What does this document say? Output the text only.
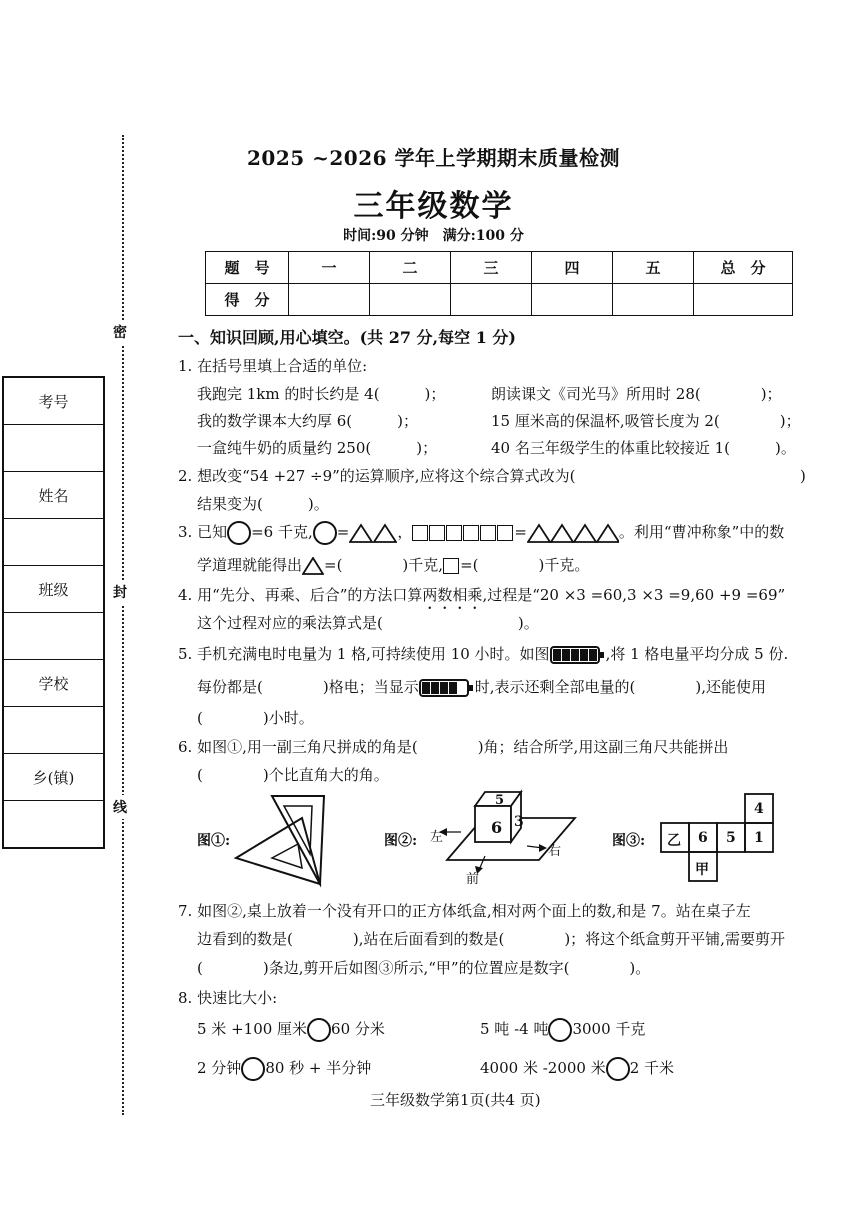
密
封
线
考号
姓名
班级
学校
乡(镇)
2025 ~2026 学年上学期期末质量检测
三年级数学
时间:90 分钟　满分:100 分
题　号	一	二	三	四	五	总　分
得　分						
一、知识回顾,用心填空。(共 27 分,每空 1 分)
1. 在括号里填上合适的单位:
我跑完 1km 的时长约是 4(　　　)；	朗读课文《司光马》所用时 28(　　　　)；
我的数学课本大约厚 6(　　　)；	15 厘米高的保温杯,吸管长度为 2(　　　　)；
一盒纯牛奶的质量约 250(　　　)；	40 名三年级学生的体重比较接近 1(　　　)。
2. 想改变“54 +27 ÷9”的运算顺序,应将这个综合算式改为(	)
结果变为(　　　)。
3. 已知 =6 千克, =	，	=	。利用“曹冲称象”中的数
学道理就能得出 =(　　　　)千克, =(　　　　)千克。
4. 用“先分、再乘、后合”的方法口算两数相乘,过程是“20 ×3 =60,3 ×3 =9,60 +9 =69”
这个过程对应的乘法算式是(　　　　　　　　　)。
5. 手机充满电时电量为 1 格,可持续使用 10 小时。如图	,将 1 格电量平均分成 5 份.
每份都是(　　　　)格电；当显示	时,表示还剩全部电量的(　　　　),还能使用
(　　　　)小时。
6. 如图①,用一副三角尺拼成的角是(　　　　)角；结合所学,用这副三角尺共能拼出
(　　　　)个比直角大的角。
图①:	图②:
5
6 3
左
右
前
图③:
4
乙 6 5 1
甲
7. 如图②,桌上放着一个没有开口的正方体纸盒,相对两个面上的数,和是 7。站在桌子左
边看到的数是(　　　　),站在后面看到的数是(　　　　)；将这个纸盒剪开平铺,需要剪开
(　　　　)条边,剪开后如图③所示,“甲”的位置应是数字(　　　　)。
8. 快速比大小:
5 米 +100 厘米 60 分米	5 吨 -4 吨 3000 千克
2 分钟 80 秒 + 半分钟	4000 米 -2000 米 2 千米
三年级数学第1页(共4 页)
